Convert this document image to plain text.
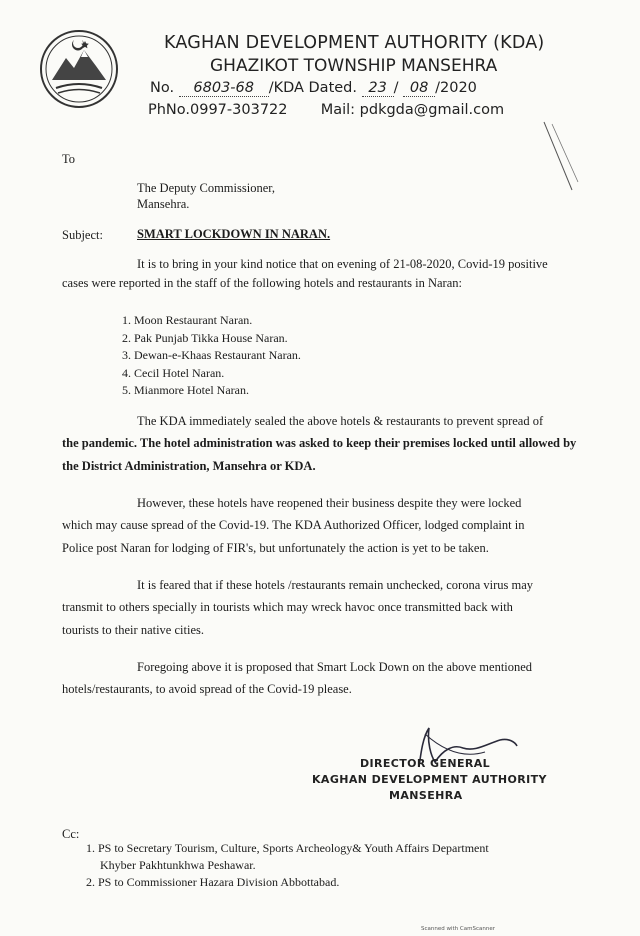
KAGHAN DEVELOPMENT AUTHORITY (KDA)
GHAZIKOT TOWNSHIP MANSEHRA
No. 6803-68 /KDA Dated. 23 / 08 /2020
PhNo.0997-303722 Mail: pdkgda@gmail.com
To
The Deputy Commissioner,
Mansehra.
Subject:	SMART LOCKDOWN IN NARAN.
It is to bring in your kind notice that on evening of 21-08-2020, Covid-19 positive
cases were reported in the staff of the following hotels and restaurants in Naran:
1. Moon Restaurant Naran.
2. Pak Punjab Tikka House Naran.
3. Dewan-e-Khaas Restaurant Naran.
4. Cecil Hotel Naran.
5. Mianmore Hotel Naran.
The KDA immediately sealed the above hotels & restaurants to prevent spread of
the pandemic. The hotel administration was asked to keep their premises locked until allowed by
the District Administration, Mansehra or KDA.
However, these hotels have reopened their business despite they were locked
which may cause spread of the Covid-19. The KDA Authorized Officer, lodged complaint in
Police post Naran for lodging of FIR's, but unfortunately the action is yet to be taken.
It is feared that if these hotels /restaurants remain unchecked, corona virus may
transmit to others specially in tourists which may wreck havoc once transmitted back with
tourists to their native cities.
Foregoing above it is proposed that Smart Lock Down on the above mentioned
hotels/restaurants, to avoid spread of the Covid-19 please.
DIRECTOR GENERAL
KAGHAN DEVELOPMENT AUTHORITY
MANSEHRA
Cc:
1. PS to Secretary Tourism, Culture, Sports Archeology& Youth Affairs Department
Khyber Pakhtunkhwa Peshawar.
2. PS to Commissioner Hazara Division Abbottabad.
Scanned with CamScanner
